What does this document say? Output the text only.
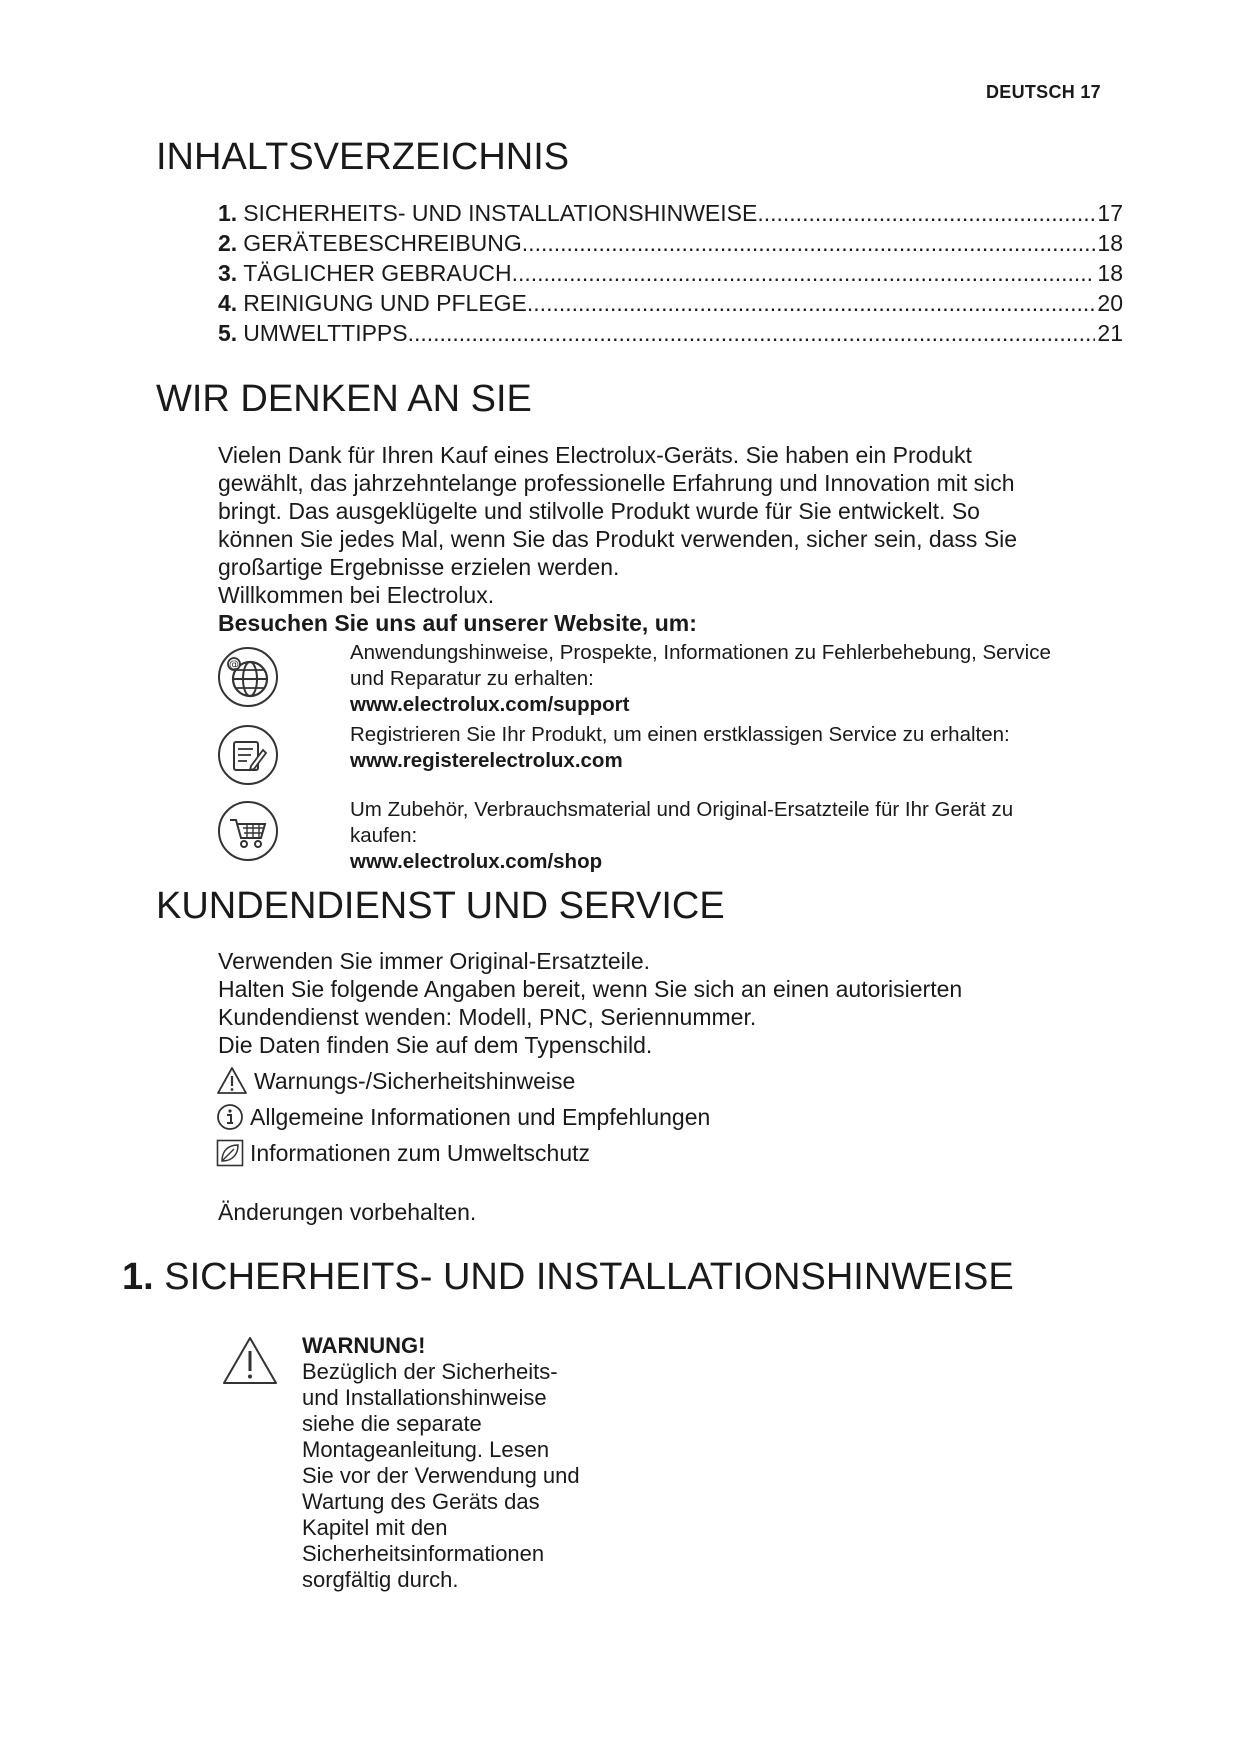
DEUTSCH 17
INHALTSVERZEICHNIS
1. SICHERHEITS- UND INSTALLATIONSHINWEISE .....	17
2. GERÄTEBESCHREIBUNG .....	18
3. TÄGLICHER GEBRAUCH .....	18
4. REINIGUNG UND PFLEGE .....	20
5. UMWELTTIPPS .....	21
WIR DENKEN AN SIE
Vielen Dank für Ihren Kauf eines Electrolux-Geräts. Sie haben ein Produkt
gewählt, das jahrzehntelange professionelle Erfahrung und Innovation mit sich
bringt. Das ausgeklügelte und stilvolle Produkt wurde für Sie entwickelt. So
können Sie jedes Mal, wenn Sie das Produkt verwenden, sicher sein, dass Sie
großartige Ergebnisse erzielen werden.
Willkommen bei Electrolux.
Besuchen Sie uns auf unserer Website, um:
@
Anwendungshinweise, Prospekte, Informationen zu Fehlerbehebung, Service
und Reparatur zu erhalten:
www.electrolux.com/support
Registrieren Sie Ihr Produkt, um einen erstklassigen Service zu erhalten:
www.registerelectrolux.com
Um Zubehör, Verbrauchsmaterial und Original-Ersatzteile für Ihr Gerät zu
kaufen:
www.electrolux.com/shop
KUNDENDIENST UND SERVICE
Verwenden Sie immer Original-Ersatzteile.
Halten Sie folgende Angaben bereit, wenn Sie sich an einen autorisierten
Kundendienst wenden: Modell, PNC, Seriennummer.
Die Daten finden Sie auf dem Typenschild.
Warnungs-/Sicherheitshinweise
Allgemeine Informationen und Empfehlungen
Informationen zum Umweltschutz
Änderungen vorbehalten.
1. SICHERHEITS- UND INSTALLATIONSHINWEISE
WARNUNG!
Bezüglich der Sicherheits-
und Installationshinweise
siehe die separate
Montageanleitung. Lesen
Sie vor der Verwendung und
Wartung des Geräts das
Kapitel mit den
Sicherheitsinformationen
sorgfältig durch.
